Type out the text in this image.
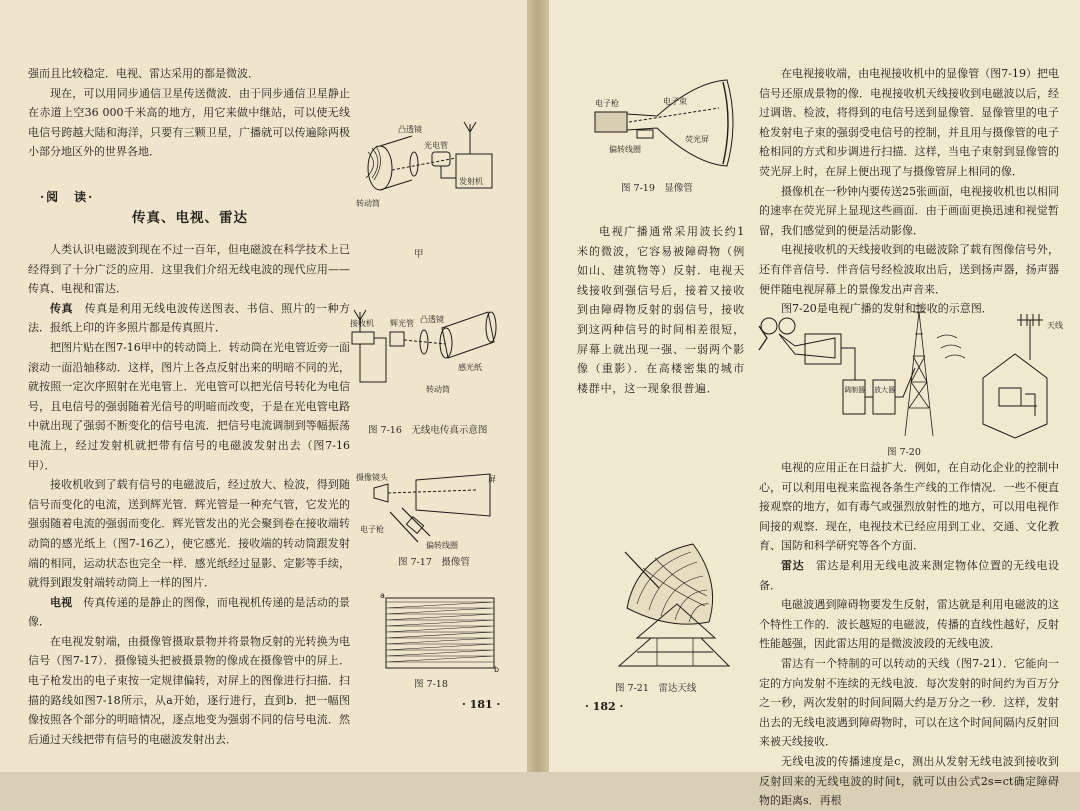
强而且比较稳定．电视、雷达采用的都是微波．

现在，可以用同步通信卫星传送微波．由于同步通信卫星静止在赤道上空36 000千米高的地方，用它来做中继站，可以使无线电信号跨越大陆和海洋，只要有三颗卫星，广播就可以传遍除两极小部分地区外的世界各地．

·阅　读·
传真、电视、雷达

人类认识电磁波到现在不过一百年，但电磁波在科学技术上已经得到了十分广泛的应用．这里我们介绍无线电波的现代应用——传真、电视和雷达．

传真　 传真是利用无线电波传送图表、书信、照片的一种方法．报纸上印的许多照片都是传真照片．

把图片贴在图7-16甲中的转动筒上．转动筒在光电管近旁一面滚动一面沿轴移动．这样，图片上各点反射出来的明暗不同的光，就按照一定次序照射在光电管上．光电管可以把光信号转化为电信号，且电信号的强弱随着光信号的明暗而改变，于是在光电管电路中就出现了强弱不断变化的信号电流．把信号电流调制到等幅振荡电流上，经过发射机就把带有信号的电磁波发射出去（图7-16甲）．

接收机收到了载有信号的电磁波后，经过放大、检波，得到随信号而变化的电流，送到辉光管．辉光管是一种充气管，它发光的强弱随着电流的强弱而变化．辉光管发出的光会聚到卷在接收端转动筒的感光纸上（图7-16乙），使它感光．接收端的转动筒跟发射端的相同，运动状态也完全一样．感光纸经过显影、定影等手续，就得到跟发射端转动筒上一样的图片．

电视　 传真传递的是静止的图像，而电视机传递的是活动的景像．

在电视发射端，由摄像管摄取景物并将景物反射的光转换为电信号（图7-17）．摄像镜头把被摄景物的像成在摄像管中的屏上．电子枪发出的电子束按一定规律偏转，对屏上的图像进行扫描．扫描的路线如图7-18所示，从a开始，逐行进行，直到b．把一幅图像按照各个部分的明暗情况，逐点地变为强弱不同的信号电流．然后通过天线把带有信号的电磁波发射出去．

凸透镜
光电管
发射机
转动筒
甲
接收机 辉光管 凸透镜
感光纸
转动筒
图 7-16　无线电传真示意图
摄像镜头	屏
电子枪
偏转线圈
图 7-17　摄像管
a
b
图 7-18
· 181 ·
电子枪	电子束
偏转线圈
荧光屏
图 7-19　显像管

电视广播通常采用波长约1米的微波，它容易被障碍物（例如山、建筑物等）反射．电视天线接收到强信号后，接着又接收到由障碍物反射的弱信号，接收到这两种信号的时间相差很短，屏幕上就出现一强、一弱两个影像（重影）．在高楼密集的城市楼群中，这一现象很普遍．

在电视接收端，由电视接收机中的显像管（图7-19）把电信号还原成景物的像．电视接收机天线接收到电磁波以后，经过调谐、检波，将得到的电信号送到显像管．显像管里的电子枪发射电子束的强弱受电信号的控制，并且用与摄像管的电子枪相同的方式和步调进行扫描．这样，当电子束射到显像管的荧光屏上时，在屏上便出现了与摄像管屏上相同的像．

摄像机在一秒钟内要传送25张画面，电视接收机也以相同的速率在荧光屏上显现这些画面．由于画面更换迅速和视觉暂留，我们感觉到的便是活动影像．

电视接收机的天线接收到的电磁波除了载有图像信号外，还有伴音信号．伴音信号经检波取出后，送到扬声器，扬声器便伴随电视屏幕上的景像发出声音来．

图7-20是电视广播的发射和接收的示意图．

调制器 放大器
天线
图 7-20

电视的应用正在日益扩大．例如，在自动化企业的控制中心，可以利用电视来监视各条生产线的工作情况．一些不便直接观察的地方，如有毒气或强烈放射性的地方，可以用电视作间接的观察．现在，电视技术已经应用到工业、交通、文化教育、国防和科学研究等各个方面．

雷达　 雷达是利用无线电波来测定物体位置的无线电设备．

电磁波遇到障碍物要发生反射，雷达就是利用电磁波的这个特性工作的．波长越短的电磁波，传播的直线性越好，反射性能越强，因此雷达用的是微波波段的无线电波．

雷达有一个特制的可以转动的天线（图7-21）．它能向一定的方向发射不连续的无线电波．每次发射的时间约为百万分之一秒，两次发射的时间间隔大约是万分之一秒．这样，发射出去的无线电波遇到障碍物时，可以在这个时间间隔内反射回来被天线接收．

无线电波的传播速度是c，测出从发射无线电波到接收到反射回来的无线电波的时间t，就可以由公式2s=ct确定障碍物的距离s．再根

图 7-21　雷达天线
· 182 ·
